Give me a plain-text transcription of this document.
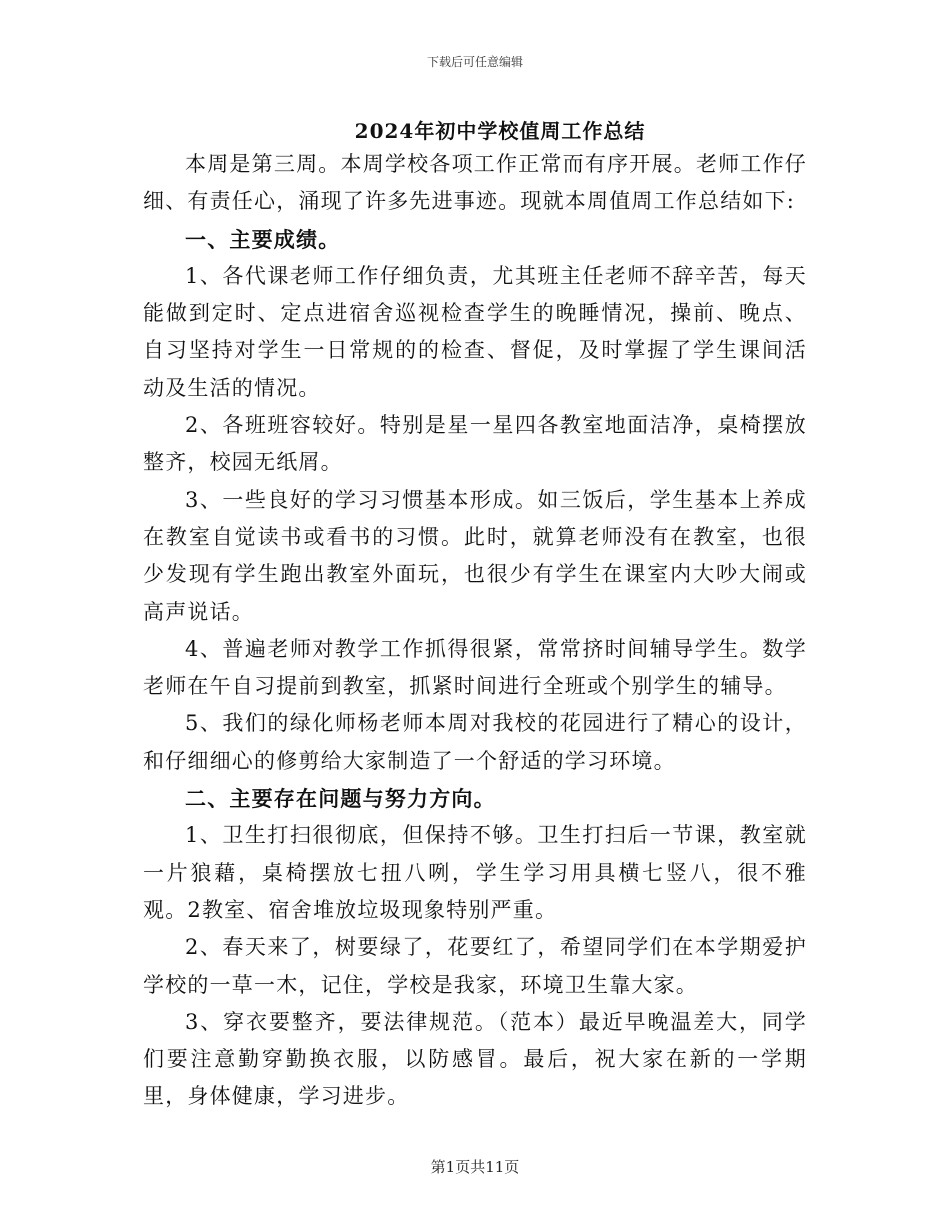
下载后可任意编辑
2024年初中学校值周工作总结

本周是第三周。本周学校各项工作正常而有序开展。老师工作仔细、有责任心，涌现了许多先进事迹。现就本周值周工作总结如下:

一、主要成绩。

1、各代课老师工作仔细负责，尤其班主任老师不辞辛苦，每天能做到定时、定点进宿舍巡视检查学生的晚睡情况，操前、晚点、自习坚持对学生一日常规的的检查、督促，及时掌握了学生课间活动及生活的情况。

2、各班班容较好。特别是星一星四各教室地面洁净，桌椅摆放整齐，校园无纸屑。

3、一些良好的学习习惯基本形成。如三饭后，学生基本上养成在教室自觉读书或看书的习惯。此时，就算老师没有在教室，也很少发现有学生跑出教室外面玩，也很少有学生在课室内大吵大闹或高声说话。

4、普遍老师对教学工作抓得很紧，常常挤时间辅导学生。数学老师在午自习提前到教室，抓紧时间进行全班或个别学生的辅导。

5、我们的绿化师杨老师本周对我校的花园进行了精心的设计，和仔细细心的修剪给大家制造了一个舒适的学习环境。

二、主要存在问题与努力方向。

1、卫生打扫很彻底，但保持不够。卫生打扫后一节课，教室就一片狼藉，桌椅摆放七扭八咧，学生学习用具横七竖八，很不雅观。2教室、宿舍堆放垃圾现象特别严重。

2、春天来了，树要绿了，花要红了，希望同学们在本学期爱护学校的一草一木，记住，学校是我家，环境卫生靠大家。

3、穿衣要整齐，要法律规范。（范本）最近早晚温差大，同学们要注意勤穿勤换衣服，以防感冒。最后，祝大家在新的一学期里，身体健康，学习进步。

第1页共11页
